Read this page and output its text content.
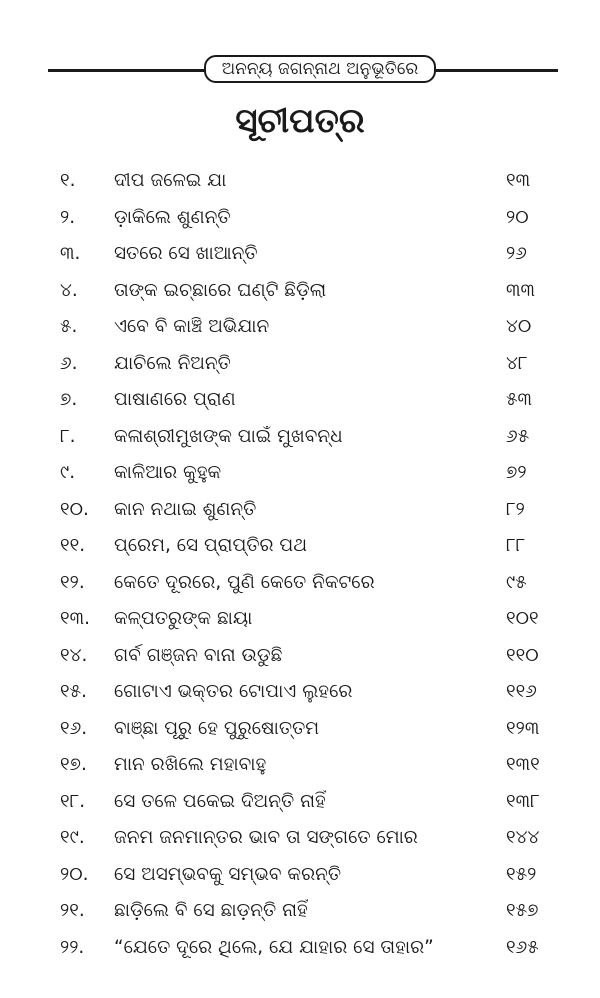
ଅନନ୍ୟ ଜଗନ୍ନାଥ ଅନୁଭୂତିରେ
ସୂଚୀପତ୍ର
୧.	ଦୀପ ଜଳେଇ ଯା	୧୩
୨.	ଡ଼ାକିଲେ ଶୁଣନ୍ତି	୨୦
୩.	ସତରେ ସେ ଖାଆନ୍ତି	୨୬
୪.	ତାଙ୍କ ଇଚ୍ଛାରେ ଘଣ୍ଟି ଛିଡ଼ିଲା	୩୩
୫.	ଏବେ ବି କାଞ୍ଚି ଅଭିଯାନ	୪୦
୬.	ଯାଚିଲେ ନିଅନ୍ତି	୪୮
୭.	ପାଷାଣରେ ପ୍ରାଣ	୫୩
୮.	କଳାଶ୍ରୀମୁଖଙ୍କ ପାଇଁ ମୁଖବନ୍ଧ	୬୫
୯.	କାଳିଆର କୁହୁକ	୭୨
୧୦.	କାନ ନଥାଇ ଶୁଣନ୍ତି	୮୨
୧୧.	ପ୍ରେମ, ସେ ପ୍ରାପ୍ତିର ପଥ	୮୮
୧୨.	କେତେ ଦୂରରେ, ପୁଣି କେତେ ନିକଟରେ	୯୫
୧୩.	କଳ୍ପତରୁଙ୍କ ଛାୟା	୧୦୧
୧୪.	ଗର୍ବ ଗଞ୍ଜନ ବାନା ଉଡୁଛି	୧୧୦
୧୫.	ଗୋଟାଏ ଭକ୍ତର ଟୋପାଏ ଲୁହରେ	୧୧୬
୧୬.	ବାଞ୍ଛା ପୂରୁ ହେ ପୁରୁଷୋତ୍ତମ	୧୨୩
୧୭.	ମାନ ରଖିଲେ ମହାବାହୁ	୧୩୧
୧୮.	ସେ ତଳେ ପକେଇ ଦିଅନ୍ତି ନାହିଁ	୧୩୮
୧୯.	ଜନମ ଜନମାନ୍ତର ଭାବ ତା ସଙ୍ଗତେ ମୋର	୧୪୪
୨୦.	ସେ ଅସମ୍ଭବକୁ ସମ୍ଭବ କରନ୍ତି	୧୫୨
୨୧.	ଛାଡ଼ିଲେ ବି ସେ ଛାଡ଼ନ୍ତି ନାହିଁ	୧୫୭
୨୨.	“ଯେତେ ଦୂରେ ଥିଲେ, ଯେ ଯାହାର ସେ ତାହାର”	୧୬୫
